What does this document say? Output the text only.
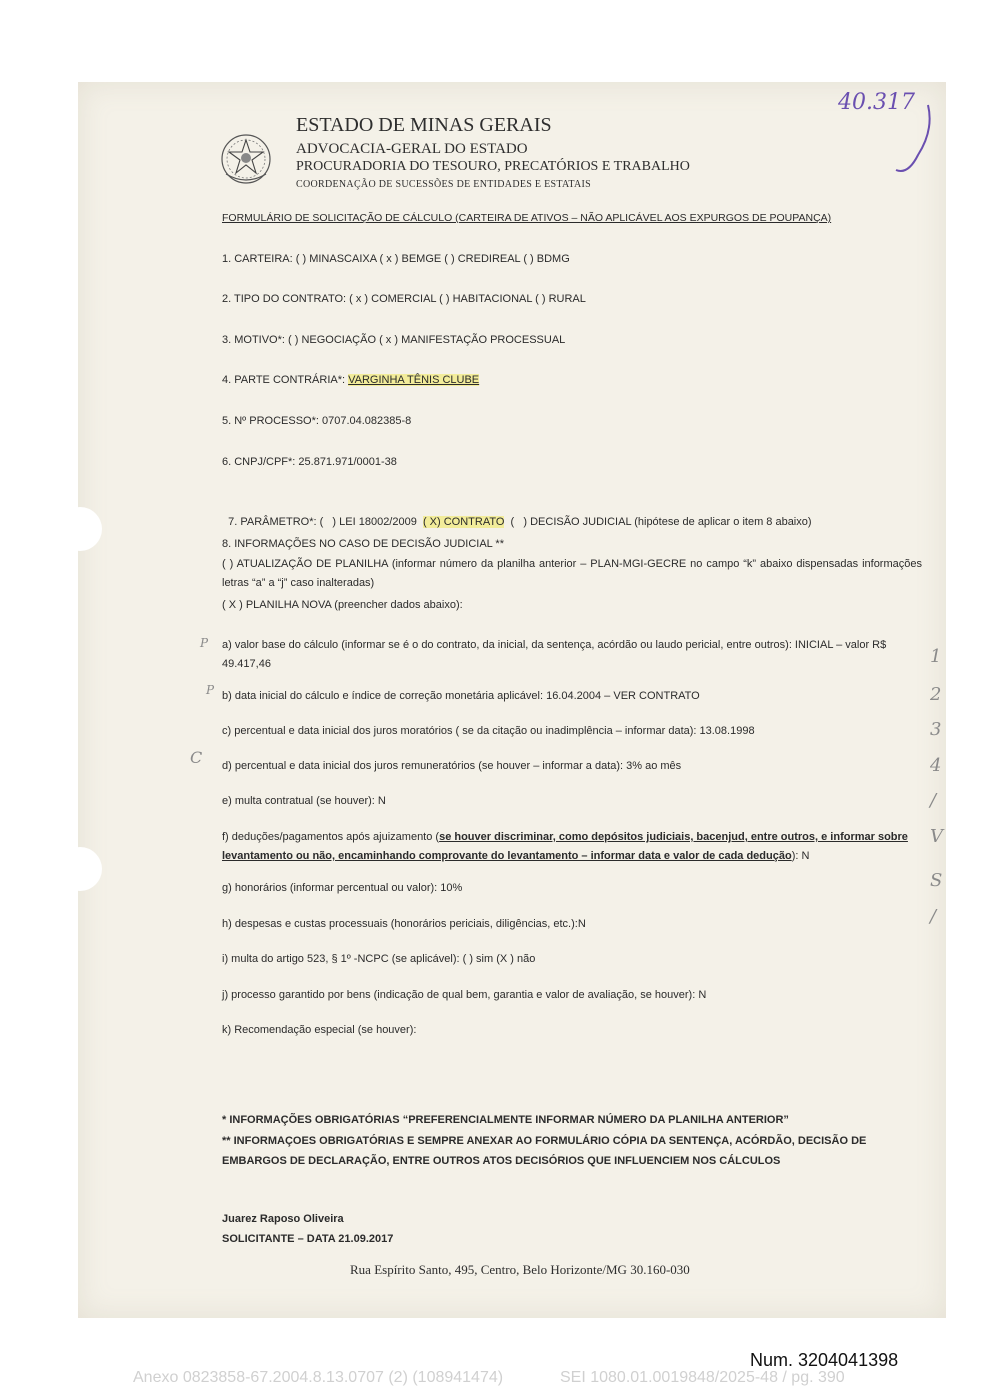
ESTADO DE MINAS GERAIS
ADVOCACIA-GERAL DO ESTADO
PROCURADORIA DO TESOURO, PRECATÓRIOS E TRABALHO
COORDENAÇÃO DE SUCESSÕES DE ENTIDADES E ESTATAIS
40.317
FORMULÁRIO DE SOLICITAÇÃO DE CÁLCULO (CARTEIRA DE ATIVOS – NÃO APLICÁVEL AOS EXPURGOS DE POUPANÇA)
1. CARTEIRA: ( ) MINASCAIXA ( x ) BEMGE ( ) CREDIREAL ( ) BDMG
2. TIPO DO CONTRATO: ( x ) COMERCIAL ( ) HABITACIONAL ( ) RURAL
3. MOTIVO*: ( ) NEGOCIAÇÃO ( x ) MANIFESTAÇÃO PROCESSUAL
4. PARTE CONTRÁRIA*: VARGINHA TÊNIS CLUBE
5. Nº PROCESSO*: 0707.04.082385-8
6. CNPJ/CPF*: 25.871.971/0001-38

7. PARÂMETRO*: (   ) LEI 18002/2009  ( X) CONTRATO  (   ) DECISÃO JUDICIAL (hipótese de aplicar o item 8 abaixo)

8. INFORMAÇÕES NO CASO DE DECISÃO JUDICIAL **
( ) ATUALIZAÇÃO DE PLANILHA (informar número da planilha anterior – PLAN-MGI-GECRE no campo “k” abaixo dispensadas informações letras “a” a “j” caso inalteradas)
( X ) PLANILHA NOVA (preencher dados abaixo):
a) valor base do cálculo (informar se é o do contrato, da inicial, da sentença, acórdão ou laudo pericial, entre outros): INICIAL – valor R$ 49.417,46
b) data inicial do cálculo e índice de correção monetária aplicável: 16.04.2004 – VER CONTRATO
c) percentual e data inicial dos juros moratórios ( se da citação ou inadimplência – informar data): 13.08.1998
d) percentual e data inicial dos juros remuneratórios (se houver – informar a data): 3% ao mês
e) multa contratual (se houver): N
f) deduções/pagamentos após ajuizamento (se houver discriminar, como depósitos judiciais, bacenjud, entre outros, e informar sobre levantamento ou não, encaminhando comprovante do levantamento – informar data e valor de cada dedução): N
g) honorários (informar percentual ou valor): 10%
h) despesas e custas processuais (honorários periciais, diligências, etc.):N
i) multa do artigo 523, § 1º -NCPC (se aplicável): ( ) sim (X ) não
j) processo garantido por bens (indicação de qual bem, garantia e valor de avaliação, se houver): N
k) Recomendação especial (se houver):
* INFORMAÇÕES OBRIGATÓRIAS “PREFERENCIALMENTE INFORMAR NÚMERO DA PLANILHA ANTERIOR”
** INFORMAÇOES OBRIGATÓRIAS E SEMPRE ANEXAR AO FORMULÁRIO CÓPIA DA SENTENÇA, ACÓRDÃO, DECISÃO DE EMBARGOS DE DECLARAÇÃO, ENTRE OUTROS ATOS DECISÓRIOS QUE INFLUENCIEM NOS CÁLCULOS
Juarez Raposo Oliveira
SOLICITANTE – DATA 21.09.2017
Rua Espírito Santo, 495, Centro, Belo Horizonte/MG 30.160-030
1
2
3
4
/
V
S
/
P
P
C
Num. 3204041398
Anexo 0823858-67.2004.8.13.0707 (2) (108941474)	SEI 1080.01.0019848/2025-48 / pg. 390
